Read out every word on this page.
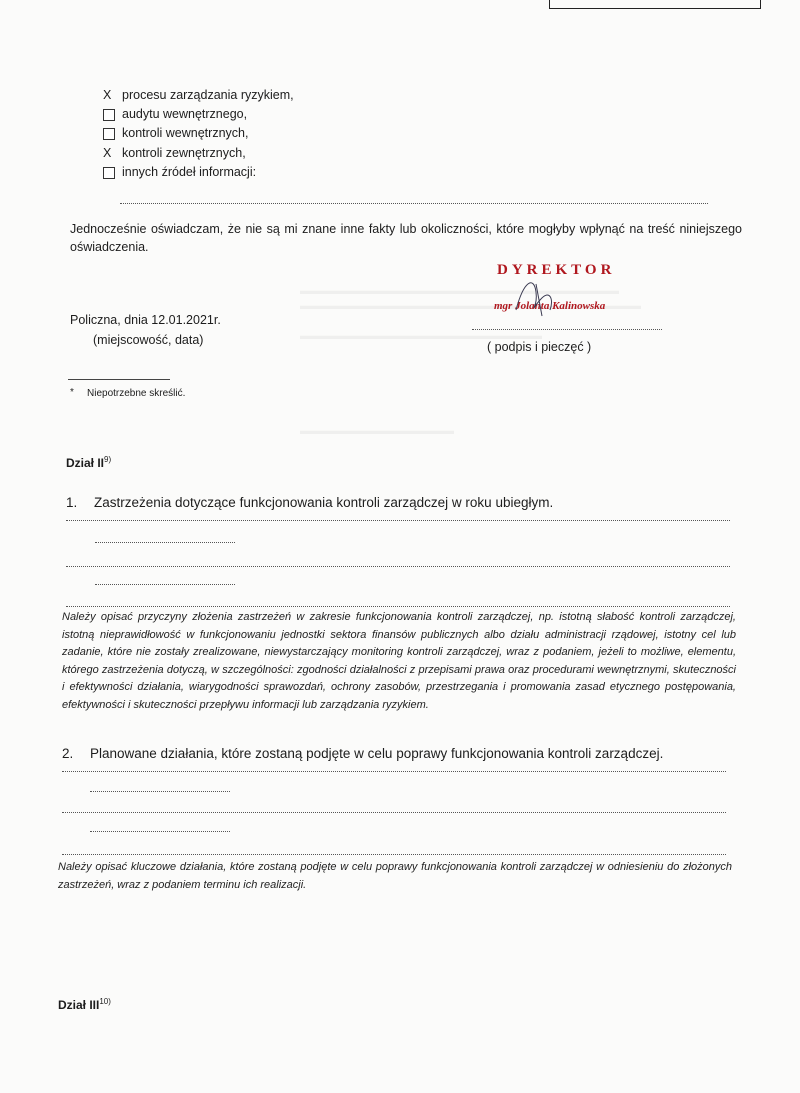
X procesu zarządzania ryzykiem,
audytu wewnętrznego,
kontroli wewnętrznych,
X kontroli zewnętrznych,
innych źródeł informacji:
Jednocześnie oświadczam, że nie są mi znane inne fakty lub okoliczności, które mogłyby wpłynąć na treść niniejszego oświadczenia.
DYREKTOR
mgr Jolanta Kalinowska
Policzna, dnia 12.01.2021r.
(miejscowość, data)	( podpis i pieczęć )
* Niepotrzebne skreślić.
Dział II$^{9)}$
1. Zastrzeżenia dotyczące funkcjonowania kontroli zarządczej w roku ubiegłym.
Należy opisać przyczyny złożenia zastrzeżeń w zakresie funkcjonowania kontroli zarządczej, np. istotną słabość kontroli zarządczej, istotną nieprawidłowość w funkcjonowaniu jednostki sektora finansów publicznych albo działu administracji rządowej, istotny cel lub zadanie, które nie zostały zrealizowane, niewystarczający monitoring kontroli zarządczej, wraz z podaniem, jeżeli to możliwe, elementu, którego zastrzeżenia dotyczą, w szczególności: zgodności działalności z przepisami prawa oraz procedurami wewnętrznymi, skuteczności i efektywności działania, wiarygodności sprawozdań, ochrony zasobów, przestrzegania i promowania zasad etycznego postępowania, efektywności i skuteczności przepływu informacji lub zarządzania ryzykiem.
2. Planowane działania, które zostaną podjęte w celu poprawy funkcjonowania kontroli zarządczej.
Należy opisać kluczowe działania, które zostaną podjęte w celu poprawy funkcjonowania kontroli zarządczej w odniesieniu do złożonych zastrzeżeń, wraz z podaniem terminu ich realizacji.
Dział III$^{10)}$
